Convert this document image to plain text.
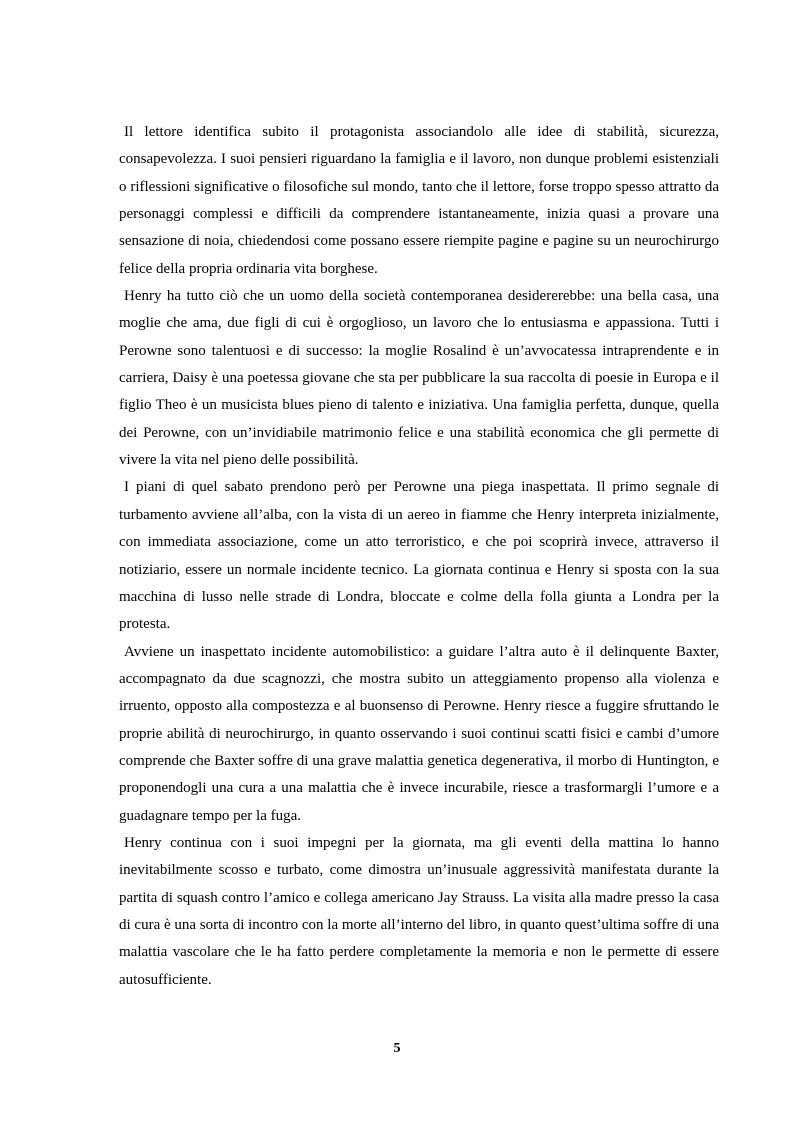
Il lettore identifica subito il protagonista associandolo alle idee di stabilità, sicurezza, consapevolezza. I suoi pensieri riguardano la famiglia e il lavoro, non dunque problemi esistenziali o riflessioni significative o filosofiche sul mondo, tanto che il lettore, forse troppo spesso attratto da personaggi complessi e difficili da comprendere istantaneamente, inizia quasi a provare una sensazione di noia, chiedendosi come possano essere riempite pagine e pagine su un neurochirurgo felice della propria ordinaria vita borghese.

Henry ha tutto ciò che un uomo della società contemporanea desidererebbe: una bella casa, una moglie che ama, due figli di cui è orgoglioso, un lavoro che lo entusiasma e appassiona. Tutti i Perowne sono talentuosi e di successo: la moglie Rosalind è un’avvocatessa intraprendente e in carriera, Daisy è una poetessa giovane che sta per pubblicare la sua raccolta di poesie in Europa e il figlio Theo è un musicista blues pieno di talento e iniziativa. Una famiglia perfetta, dunque, quella dei Perowne, con un’invidiabile matrimonio felice e una stabilità economica che gli permette di vivere la vita nel pieno delle possibilità.

I piani di quel sabato prendono però per Perowne una piega inaspettata. Il primo segnale di turbamento avviene all’alba, con la vista di un aereo in fiamme che Henry interpreta inizialmente, con immediata associazione, come un atto terroristico, e che poi scoprirà invece, attraverso il notiziario, essere un normale incidente tecnico. La giornata continua e Henry si sposta con la sua macchina di lusso nelle strade di Londra, bloccate e colme della folla giunta a Londra per la protesta.

Avviene un inaspettato incidente automobilistico: a guidare l’altra auto è il delinquente Baxter, accompagnato da due scagnozzi, che mostra subito un atteggiamento propenso alla violenza e irruento, opposto alla compostezza e al buonsenso di Perowne. Henry riesce a fuggire sfruttando le proprie abilità di neurochirurgo, in quanto osservando i suoi continui scatti fisici e cambi d’umore comprende che Baxter soffre di una grave malattia genetica degenerativa, il morbo di Huntington, e proponendogli una cura a una malattia che è invece incurabile, riesce a trasformargli l’umore e a guadagnare tempo per la fuga.

Henry continua con i suoi impegni per la giornata, ma gli eventi della mattina lo hanno inevitabilmente scosso e turbato, come dimostra un’inusuale aggressività manifestata durante la partita di squash contro l’amico e collega americano Jay Strauss. La visita alla madre presso la casa di cura è una sorta di incontro con la morte all’interno del libro, in quanto quest’ultima soffre di una malattia vascolare che le ha fatto perdere completamente la memoria e non le permette di essere autosufficiente.

5
